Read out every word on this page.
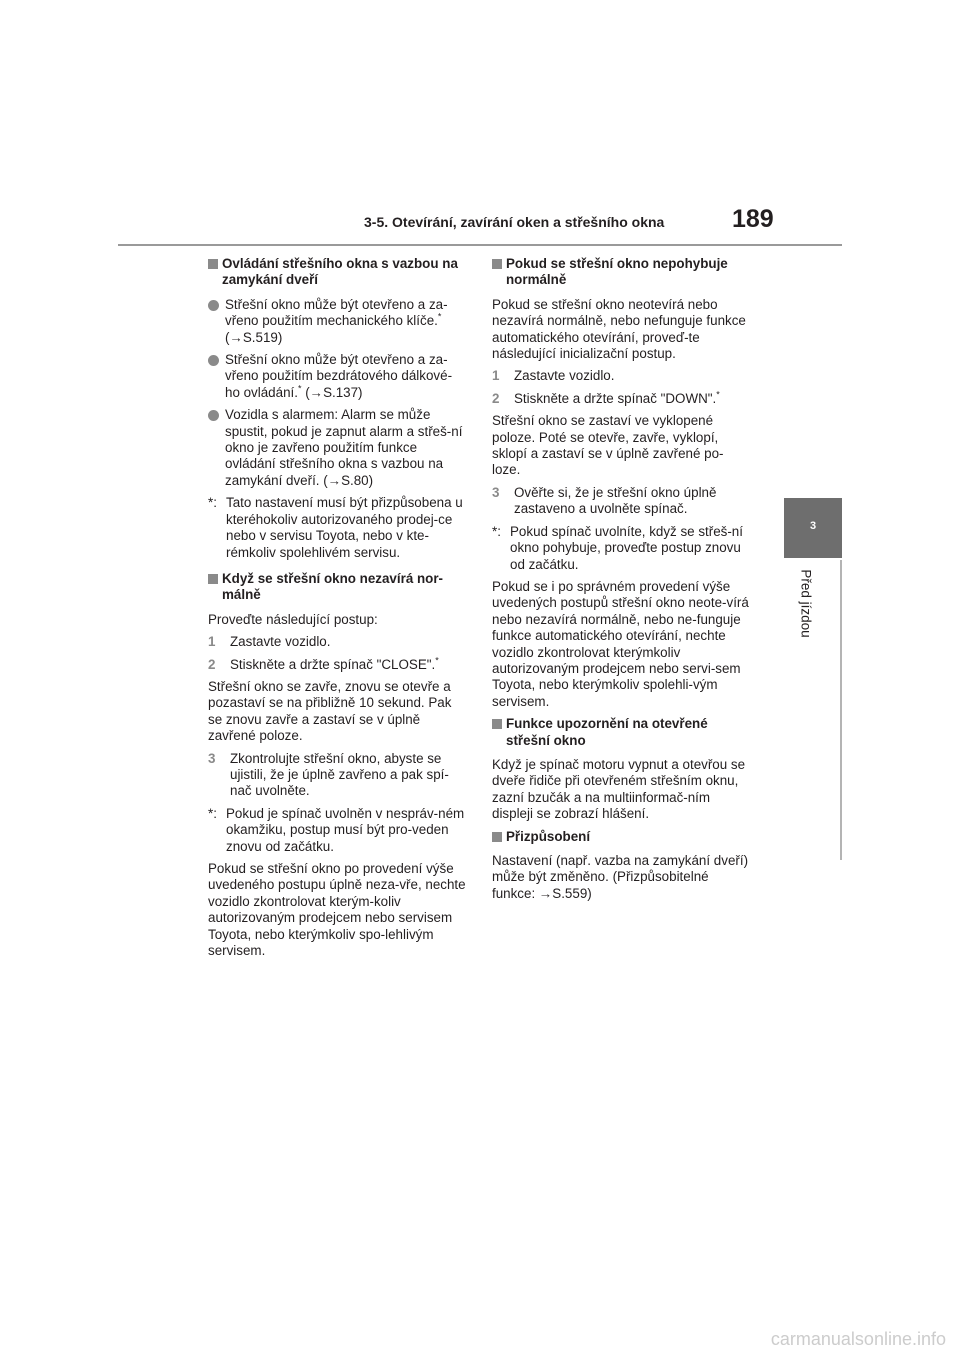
3-5. Otevírání, zavírání oken a střešního okna	189
3
Před jízdou
Ovládání střešního okna s vazbou na zamykání dveří
Střešní okno může být otevřeno a za-vřeno použitím mechanického klíče.*
(→S.519)
Střešní okno může být otevřeno a za-vřeno použitím bezdrátového dálkové-ho ovládání.* (→S.137)
Vozidla s alarmem: Alarm se může spustit, pokud je zapnut alarm a střeš-ní okno je zavřeno použitím funkce ovládání střešního okna s vazbou na zamykání dveří. (→S.80)
*: Tato nastavení musí být přizpůsobena u kteréhokoliv autorizovaného prodej-ce nebo v servisu Toyota, nebo v kte-rémkoliv spolehlivém servisu.
Když se střešní okno nezavírá nor-málně
Proveďte následující postup:
1 Zastavte vozidlo.
2 Stiskněte a držte spínač "CLOSE".*
Střešní okno se zavře, znovu se otevře a pozastaví se na přibližně 10 sekund. Pak se znovu zavře a zastaví se v úplně zavřené poloze.
3 Zkontrolujte střešní okno, abyste se ujistili, že je úplně zavřeno a pak spí-nač uvolněte.
*: Pokud je spínač uvolněn v nespráv-ném okamžiku, postup musí být pro-veden znovu od začátku.
Pokud se střešní okno po provedení výše uvedeného postupu úplně neza-vře, nechte vozidlo zkontrolovat kterým-koliv autorizovaným prodejcem nebo servisem Toyota, nebo kterýmkoliv spo-lehlivým servisem.
Pokud se střešní okno nepohybuje normálně
Pokud se střešní okno neotevírá nebo nezavírá normálně, nebo nefunguje funkce automatického otevírání, proveď-te následující inicializační postup.
1 Zastavte vozidlo.
2 Stiskněte a držte spínač "DOWN".*
Střešní okno se zastaví ve vyklopené poloze. Poté se otevře, zavře, vyklopí, sklopí a zastaví se v úplně zavřené po-loze.
3 Ověřte si, že je střešní okno úplně zastaveno a uvolněte spínač.
*: Pokud spínač uvolníte, když se střeš-ní okno pohybuje, proveďte postup znovu od začátku.
Pokud se i po správném provedení výše uvedených postupů střešní okno neote-vírá nebo nezavírá normálně, nebo ne-funguje funkce automatického otevírání, nechte vozidlo zkontrolovat kterýmkoliv autorizovaným prodejcem nebo servi-sem Toyota, nebo kterýmkoliv spolehli-vým servisem.
Funkce upozornění na otevřené střešní okno
Když je spínač motoru vypnut a otevřou se dveře řidiče při otevřeném střešním oknu, zazní bzučák a na multiinformač-ním displeji se zobrazí hlášení.
Přizpůsobení
Nastavení (např. vazba na zamykání dveří) může být změněno. (Přizpůsobitelné funkce: →S.559)
carmanualsonline.info
